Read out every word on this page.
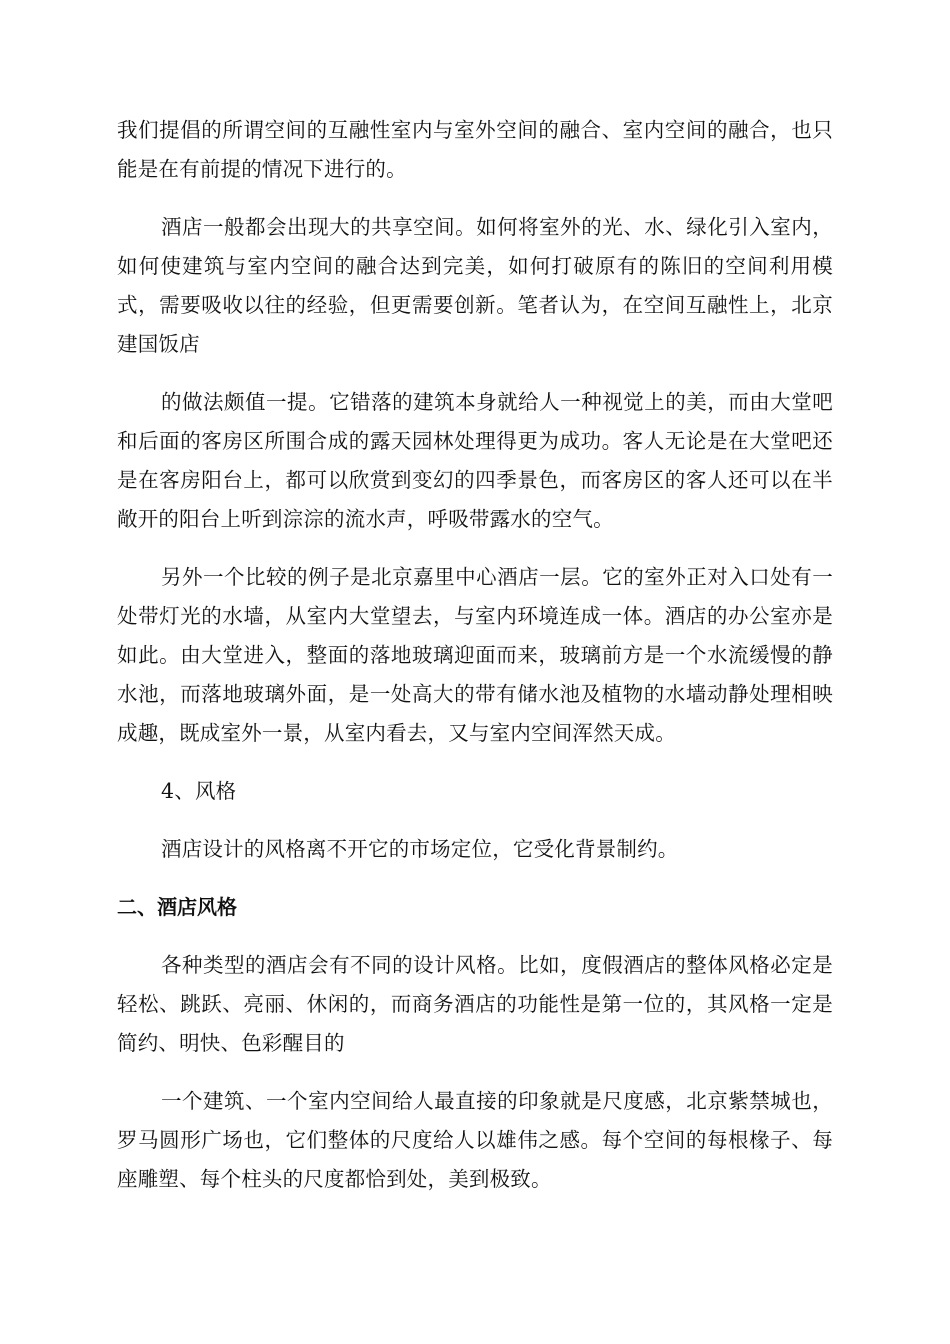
我们提倡的所谓空间的互融性室内与室外空间的融合、室内空间的融合，也只能是在有前提的情况下进行的。

酒店一般都会出现大的共享空间。如何将室外的光、水、绿化引入室内，如何使建筑与室内空间的融合达到完美，如何打破原有的陈旧的空间利用模式，需要吸收以往的经验，但更需要创新。笔者认为，在空间互融性上，北京建国饭店

的做法颇值一提。它错落的建筑本身就给人一种视觉上的美，而由大堂吧和后面的客房区所围合成的露天园林处理得更为成功。客人无论是在大堂吧还是在客房阳台上，都可以欣赏到变幻的四季景色，而客房区的客人还可以在半敞开的阳台上听到淙淙的流水声，呼吸带露水的空气。

另外一个比较的例子是北京嘉里中心酒店一层。它的室外正对入口处有一处带灯光的水墙，从室内大堂望去，与室内环境连成一体。酒店的办公室亦是如此。由大堂进入，整面的落地玻璃迎面而来，玻璃前方是一个水流缓慢的静水池，而落地玻璃外面，是一处高大的带有储水池及植物的水墙动静处理相映成趣，既成室外一景，从室内看去，又与室内空间浑然天成。

4、风格

酒店设计的风格离不开它的市场定位，它受化背景制约。

二、酒店风格

各种类型的酒店会有不同的设计风格。比如，度假酒店的整体风格必定是轻松、跳跃、亮丽、休闲的，而商务酒店的功能性是第一位的，其风格一定是简约、明快、色彩醒目的

一个建筑、一个室内空间给人最直接的印象就是尺度感，北京紫禁城也，罗马圆形广场也，它们整体的尺度给人以雄伟之感。每个空间的每根椽子、每座雕塑、每个柱头的尺度都恰到处，美到极致。
